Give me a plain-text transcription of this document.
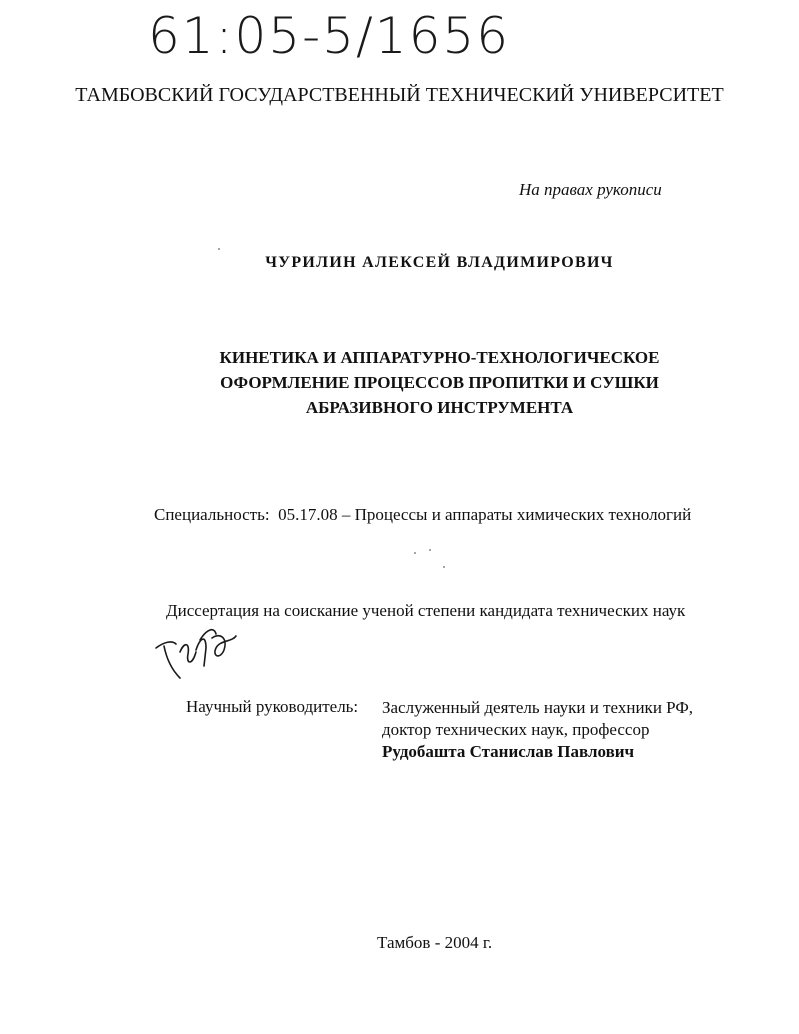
61:05-5/1656
ТАМБОВСКИЙ ГОСУДАРСТВЕННЫЙ ТЕХНИЧЕСКИЙ УНИВЕРСИТЕТ
На правах рукописи
ЧУРИЛИН АЛЕКСЕЙ ВЛАДИМИРОВИЧ
КИНЕТИКА И АППАРАТУРНО-ТЕХНОЛОГИЧЕСКОЕ
ОФОРМЛЕНИЕ ПРОЦЕССОВ ПРОПИТКИ И СУШКИ
АБРАЗИВНОГО ИНСТРУМЕНТА
Специальность: 05.17.08 – Процессы и аппараты химических технологий
Диссертация на соискание ученой степени кандидата технических наук
Научный руководитель: Заслуженный деятель науки и техники РФ,
доктор технических наук, профессор
Рудобашта Станислав Павлович
Тамбов - 2004 г.
